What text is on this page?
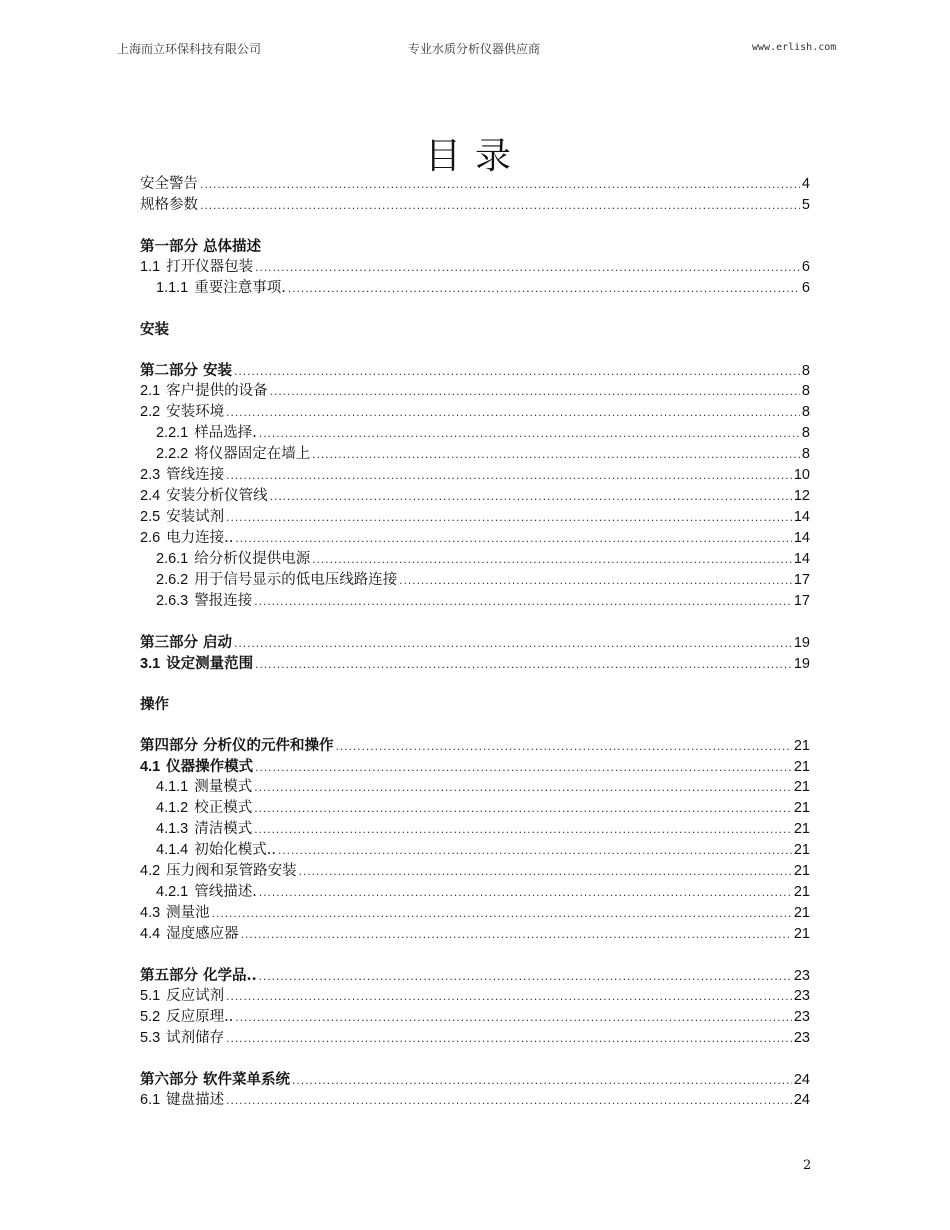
上海而立环保科技有限公司	专业水质分析仪器供应商	www.erlish.com
目录
安全警告 .....	4
规格参数 .....	5
第一部分 总体描述
1.1 打开仪器包装 .....	6
1.1.1 重要注意事项. .....	6
安装
第二部分 安装 .....	8
2.1 客户提供的设备 .....	8
2.2 安装环境 .....	8
2.2.1 样品选择. .....	8
2.2.2 将仪器固定在墙上 .....	8
2.3 管线连接 .....	10
2.4 安装分析仪管线 .....	12
2.5 安装试剂 .....	14
2.6 电力连接.. .....	14
2.6.1 给分析仪提供电源 .....	14
2.6.2 用于信号显示的低电压线路连接 .....	17
2.6.3 警报连接 .....	17
第三部分 启动 .....	19
3.1 设定测量范围 .....	19
操作
第四部分 分析仪的元件和操作 .....	21
4.1 仪器操作模式 .....	21
4.1.1 测量模式 .....	21
4.1.2 校正模式 .....	21
4.1.3 清洁模式 .....	21
4.1.4 初始化模式.. .....	21
4.2 压力阀和泵管路安装 .....	21
4.2.1 管线描述. .....	21
4.3 测量池 .....	21
4.4 湿度感应器 .....	21
第五部分 化学品.. .....	23
5.1 反应试剂 .....	23
5.2 反应原理.. .....	23
5.3 试剂储存 .....	23
第六部分 软件菜单系统 .....	24
6.1 键盘描述 .....	24
2
